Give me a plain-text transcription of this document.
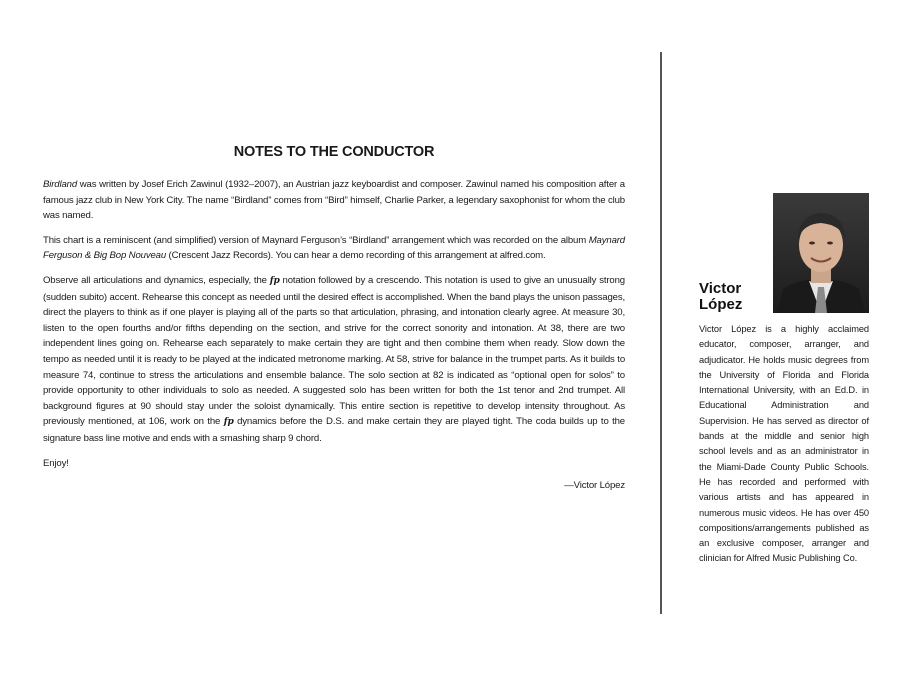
NOTES TO THE CONDUCTOR

Birdland was written by Josef Erich Zawinul (1932–2007), an Austrian jazz keyboardist and composer. Zawinul named his composition after a famous jazz club in New York City. The name “Birdland” comes from “Bird” himself, Charlie Parker, a legendary saxophonist for whom the club was named.

This chart is a reminiscent (and simplified) version of Maynard Ferguson’s “Birdland” arrangement which was recorded on the album Maynard Ferguson & Big Bop Nouveau (Crescent Jazz Records). You can hear a demo recording of this arrangement at alfred.com.

Observe all articulations and dynamics, especially, the fp notation followed by a crescendo. This notation is used to give an unusually strong (sudden subito) accent. Rehearse this concept as needed until the desired effect is accomplished. When the band plays the unison passages, direct the players to think as if one player is playing all of the parts so that articulation, phrasing, and intonation clearly agree. At measure 30, listen to the open fourths and/or fifths depending on the section, and strive for the correct sonority and intonation. At 38, there are two independent lines going on. Rehearse each separately to make certain they are tight and then combine them when ready. Slow down the tempo as needed until it is ready to be played at the indicated metronome marking. At 58, strive for balance in the trumpet parts. As it builds to measure 74, continue to stress the articulations and ensemble balance. The solo section at 82 is indicated as “optional open for solos” to provide opportunity to other individuals to solo as needed. A suggested solo has been written for both the 1st tenor and 2nd trumpet. All background figures at 90 should stay under the soloist dynamically. This entire section is repetitive to develop intensity throughout. As previously mentioned, at 106, work on the fp dynamics before the D.S. and make certain they are played tight. The coda builds up to the signature bass line motive and ends with a smashing sharp 9 chord.

Enjoy!

—Victor López
Victor
López
Victor López is a highly acclaimed educator, composer, arranger, and adjudicator. He holds music degrees from the University of Florida and Florida International University, with an Ed.D. in Educational Administration and Supervision. He has served as director of bands at the middle and senior high school levels and as an administrator in the Miami-Dade County Public Schools. He has recorded and performed with various artists and has appeared in numerous music videos. He has over 450 compositions/arrangements published as an exclusive composer, arranger and clinician for Alfred Music Publishing Co.
